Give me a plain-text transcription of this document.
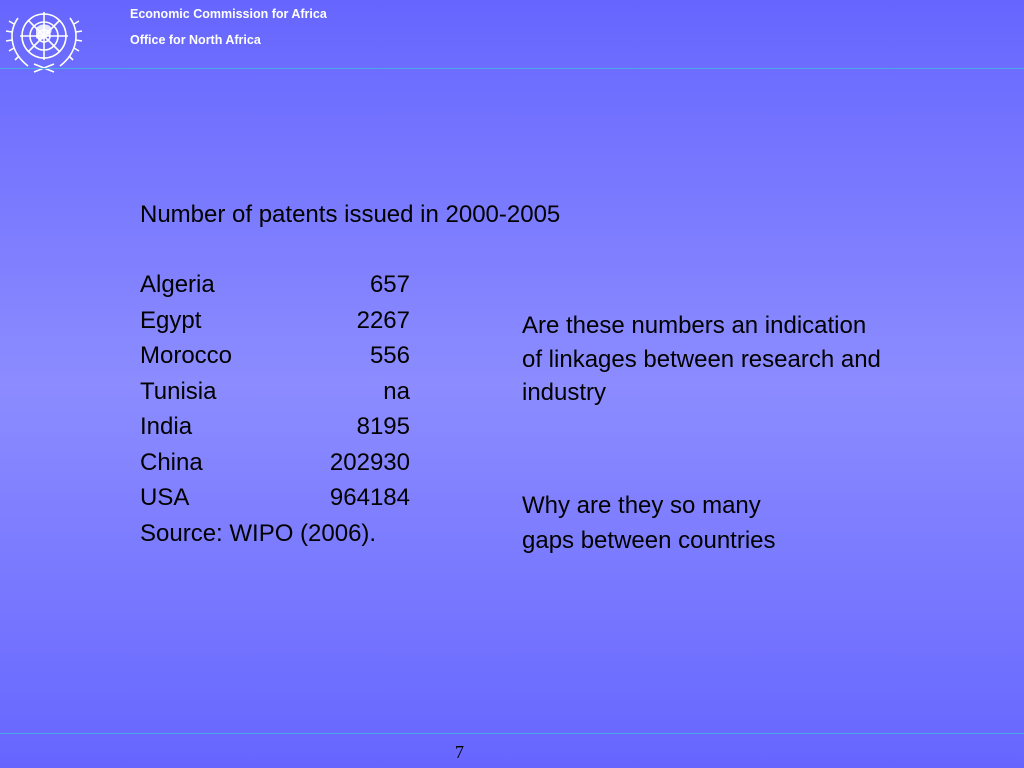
Economic Commission for Africa
Office for North Africa
Number of patents issued in 2000-2005
Algeria	657
Egypt	2267
Morocco	556
Tunisia	na
India	8195
China	202930
USA	964184
Source: WIPO (2006).
Are these numbers an indication
of linkages between research and
industry
Why are they so many
gaps between countries
7
